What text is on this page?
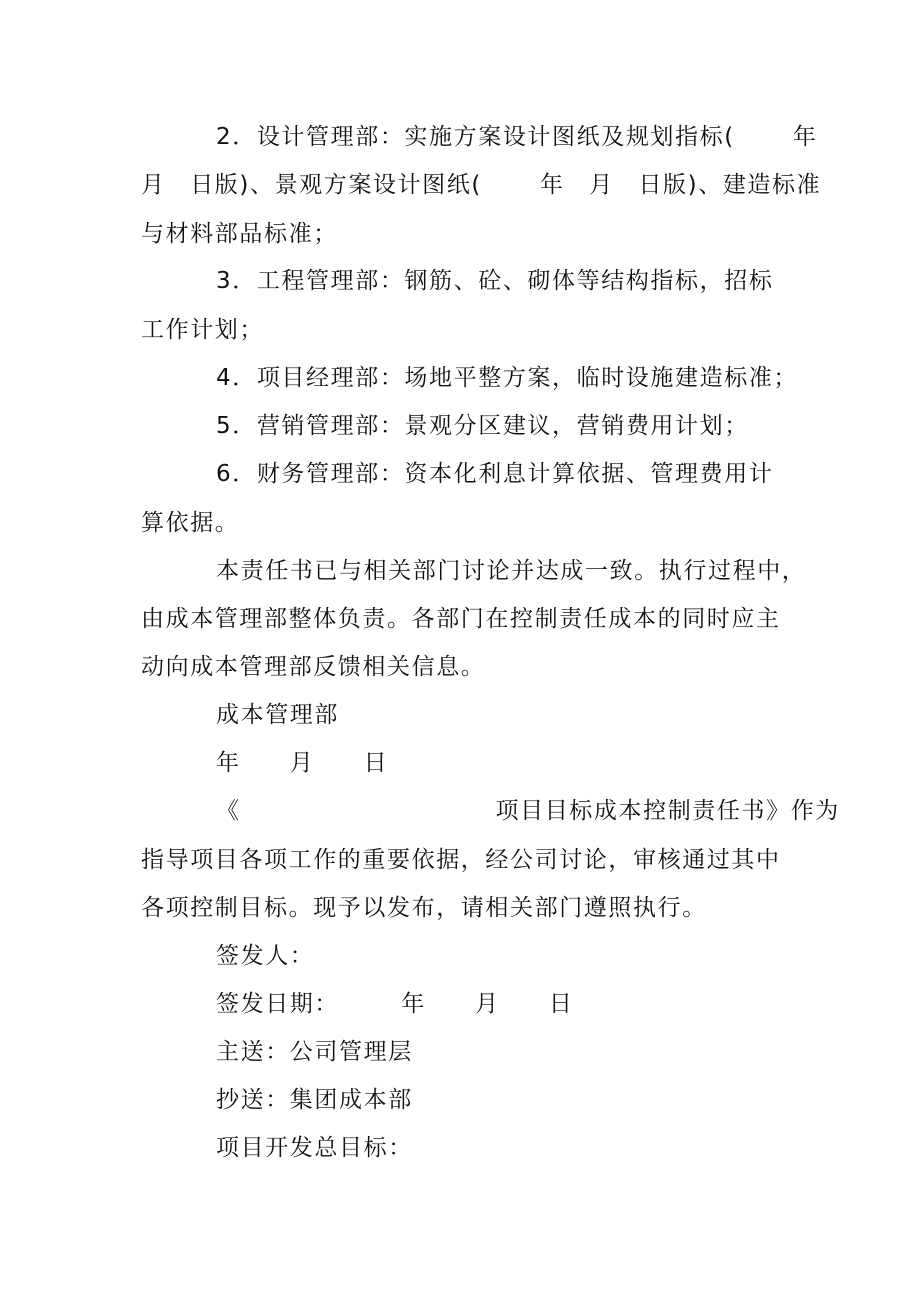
2．设计管理部：实施方案设计图纸及规划指标(　　 年
月　日版)、景观方案设计图纸(　　 年　月　日版)、建造标准
与材料部品标准；
3．工程管理部：钢筋、砼、砌体等结构指标，招标
工作计划；
4．项目经理部：场地平整方案，临时设施建造标准；
5．营销管理部：景观分区建议，营销费用计划；
6．财务管理部：资本化利息计算依据、管理费用计
算依据。
本责任书已与相关部门讨论并达成一致。执行过程中，
由成本管理部整体负责。各部门在控制责任成本的同时应主
动向成本管理部反馈相关信息。
成本管理部
年　　月　　日
《　　　　　　　　　　 项目目标成本控制责任书》作为
指导项目各项工作的重要依据，经公司讨论，审核通过其中
各项控制目标。现予以发布，请相关部门遵照执行。
签发人：
签发日期：　　　年　　月　　日
主送：公司管理层
抄送：集团成本部
项目开发总目标：
